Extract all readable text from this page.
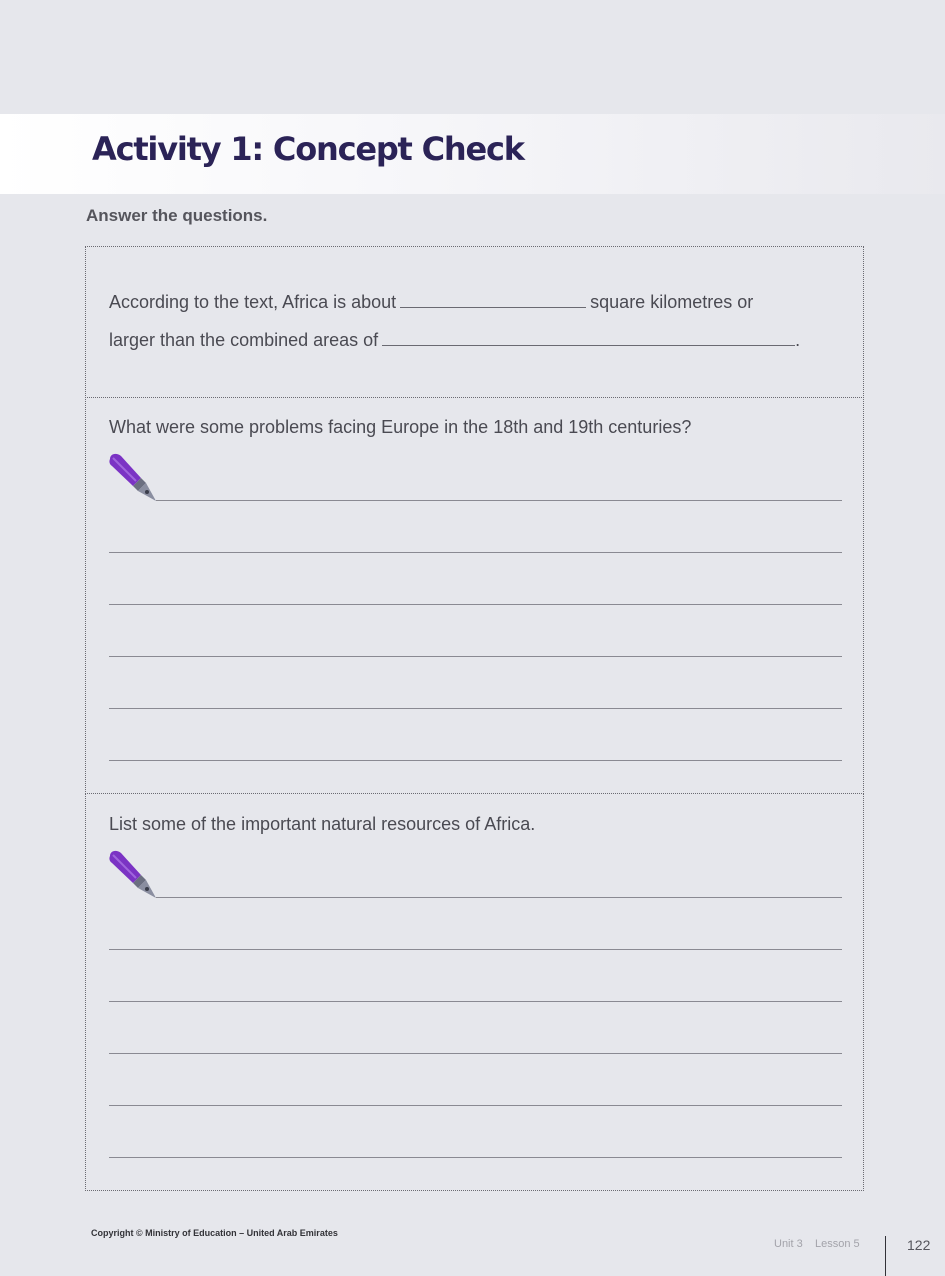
Activity 1: Concept Check

Answer the questions.

According to the text, Africa is about	square kilometres or

larger than the combined areas of	.

What were some problems facing Europe in the 18th and 19th centuries?

List some of the important natural resources of Africa.

Copyright © Ministry of Education – United Arab Emirates
Unit 3 Lesson 5	122
